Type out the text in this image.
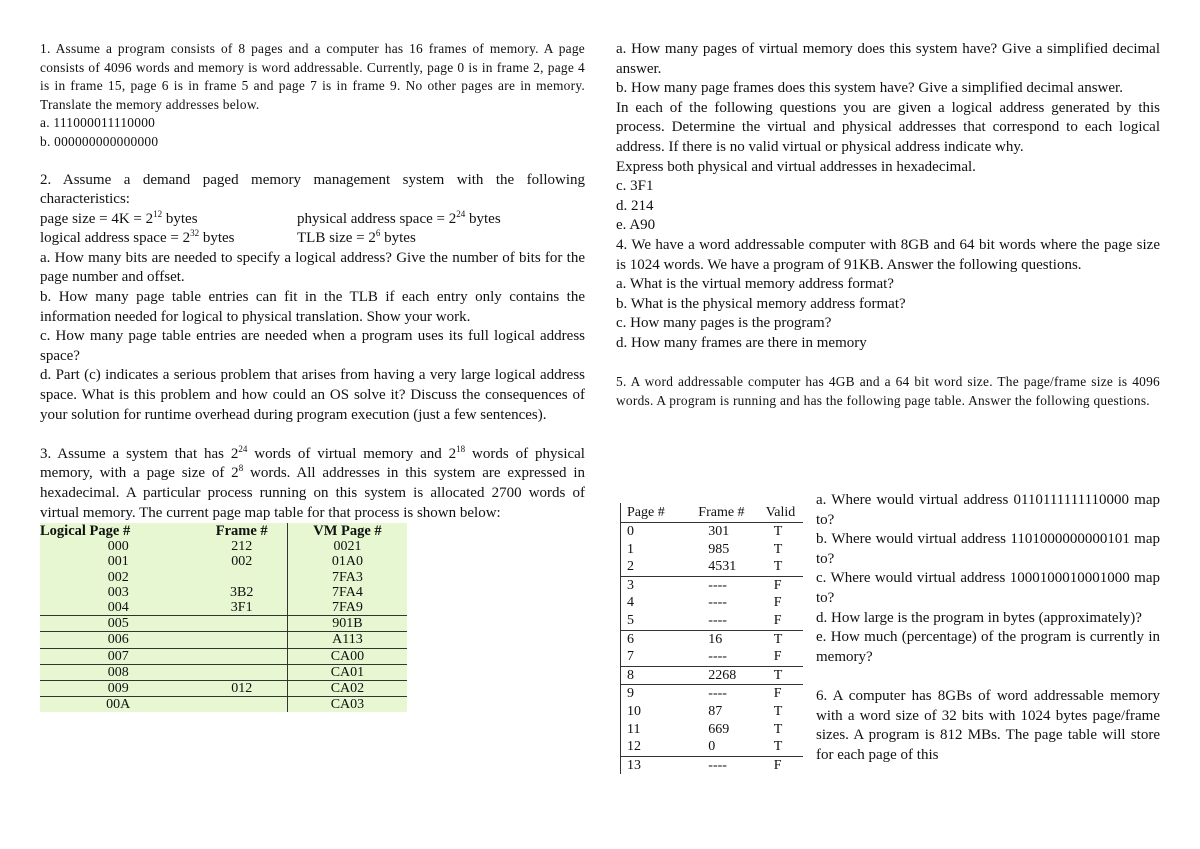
1. Assume a program consists of 8 pages and a computer has 16 frames of memory. A page consists of 4096 words and memory is word addressable. Currently, page 0 is in frame 2, page 4 is in frame 15, page 6 is in frame 5 and page 7 is in frame 9. No other pages are in memory. Translate the memory addresses below.

a. 111000011110000

b. 000000000000000

2. Assume a demand paged memory management system with the following characteristics:

page size = $4K = 2^{12}$ bytes	physical address space = $2^{24}$ bytes
logical address space = $2^{32}$ bytes	TLB size = $2^6$ bytes

a. How many bits are needed to specify a logical address? Give the number of bits for the page number and offset.

b. How many page table entries can fit in the TLB if each entry only contains the information needed for logical to physical translation. Show your work.

c. How many page table entries are needed when a program uses its full logical address space?

d. Part (c) indicates a serious problem that arises from having a very large logical address space. What is this problem and how could an OS solve it? Discuss the consequences of your solution for runtime overhead during program execution (just a few sentences).

3. Assume a system that has $2^{24}$ words of virtual memory and $2^{18}$ words of physical memory, with a page size of $2^8$ words. All addresses in this system are expressed in hexadecimal. A particular process running on this system is allocated 2700 words of virtual memory. The current page map table for that process is shown below:

Logical Page #	Frame #	VM Page #
000	212	0021
001	002	01A0
002		7FA3
003	3B2	7FA4
004	3F1	7FA9
005		901B
006		A113
007		CA00
008		CA01
009	012	CA02
00A		CA03

a. How many pages of virtual memory does this system have? Give a simplified decimal answer.

b. How many page frames does this system have? Give a simplified decimal answer.

In each of the following questions you are given a logical address generated by this process. Determine the virtual and physical addresses that correspond to each logical address. If there is no valid virtual or physical address indicate why.

Express both physical and virtual addresses in hexadecimal.

c. 3F1

d. 214

e. A90

4. We have a word addressable computer with 8GB and 64 bit words where the page size is 1024 words. We have a program of 91KB. Answer the following questions.

a. What is the virtual memory address format?

b. What is the physical memory address format?

c. How many pages is the program?

d. How many frames are there in memory

5. A word addressable computer has 4GB and a 64 bit word size. The page/frame size is 4096 words. A program is running and has the following page table. Answer the following questions.

Page #	Frame #	Valid
0	301	T
1	985	T
2	4531	T
3	----	F
4	----	F
5	----	F
6	16	T
7	----	F
8	2268	T
9	----	F
10	87	T
11	669	T
12	0	T
13	----	F

a. Where would virtual address 0110111111110000 map to?

b. Where would virtual address 1101000000000101 map to?

c. Where would virtual address 1000100010001000 map to?

d. How large is the program in bytes (approximately)?

e. How much (percentage) of the program is currently in memory?

6. A computer has 8GBs of word addressable memory with a word size of 32 bits with 1024 bytes page/frame sizes. A program is 812 MBs. The page table will store for each page of this
